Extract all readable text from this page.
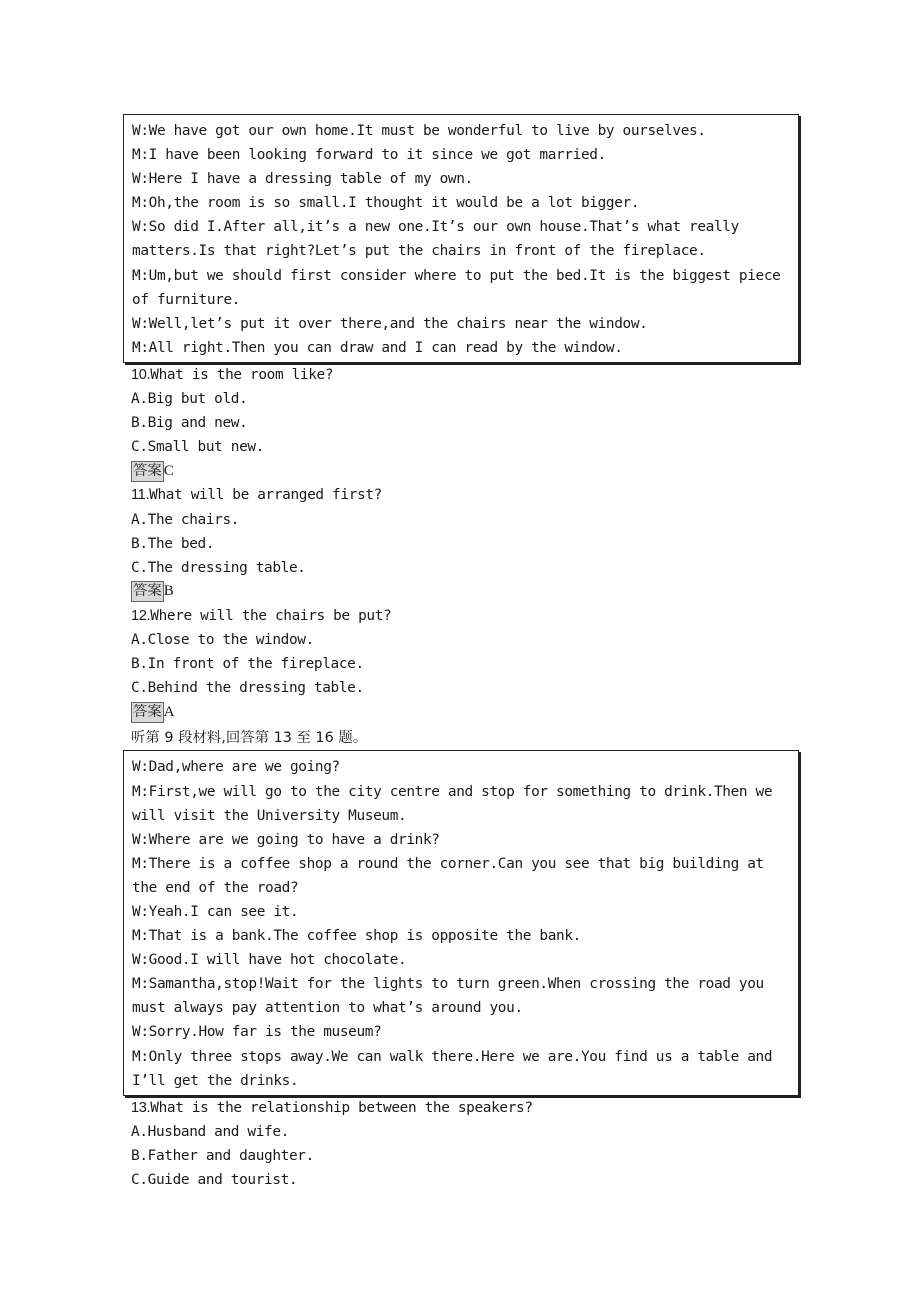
W:We have got our own home.It must be wonderful to live by ourselves.
M:I have been looking forward to it since we got married.
W:Here I have a dressing table of my own.
M:Oh,the room is so small.I thought it would be a lot bigger.
W:So did I.After all,it’s a new one.It’s our own house.That’s what really matters.Is that right?Let’s put the chairs in front of the fireplace.
M:Um,but we should first consider where to put the bed.It is the biggest piece of furniture.
W:Well,let’s put it over there,and the chairs near the window.
M:All right.Then you can draw and I can read by the window.
10.What is the room like?
A.Big but old.
B.Big and new.
C.Small but new.
答案 C
11.What will be arranged first?
A.The chairs.
B.The bed.
C.The dressing table.
答案 B
12.Where will the chairs be put?
A.Close to the window.
B.In front of the fireplace.
C.Behind the dressing table.
答案 A
听第 9 段材料,回答第 13 至 16 题。
W:Dad,where are we going?
M:First,we will go to the city centre and stop for something to drink.Then we will visit the University Museum.
W:Where are we going to have a drink?
M:There is a coffee shop a round the corner.Can you see that big building at the end of the road?
W:Yeah.I can see it.
M:That is a bank.The coffee shop is opposite the bank.
W:Good.I will have hot chocolate.
M:Samantha,stop!Wait for the lights to turn green.When crossing the road you must always pay attention to what’s around you.
W:Sorry.How far is the museum?
M:Only three stops away.We can walk there.Here we are.You find us a table and I’ll get the drinks.
13.What is the relationship between the speakers?
A.Husband and wife.
B.Father and daughter.
C.Guide and tourist.
